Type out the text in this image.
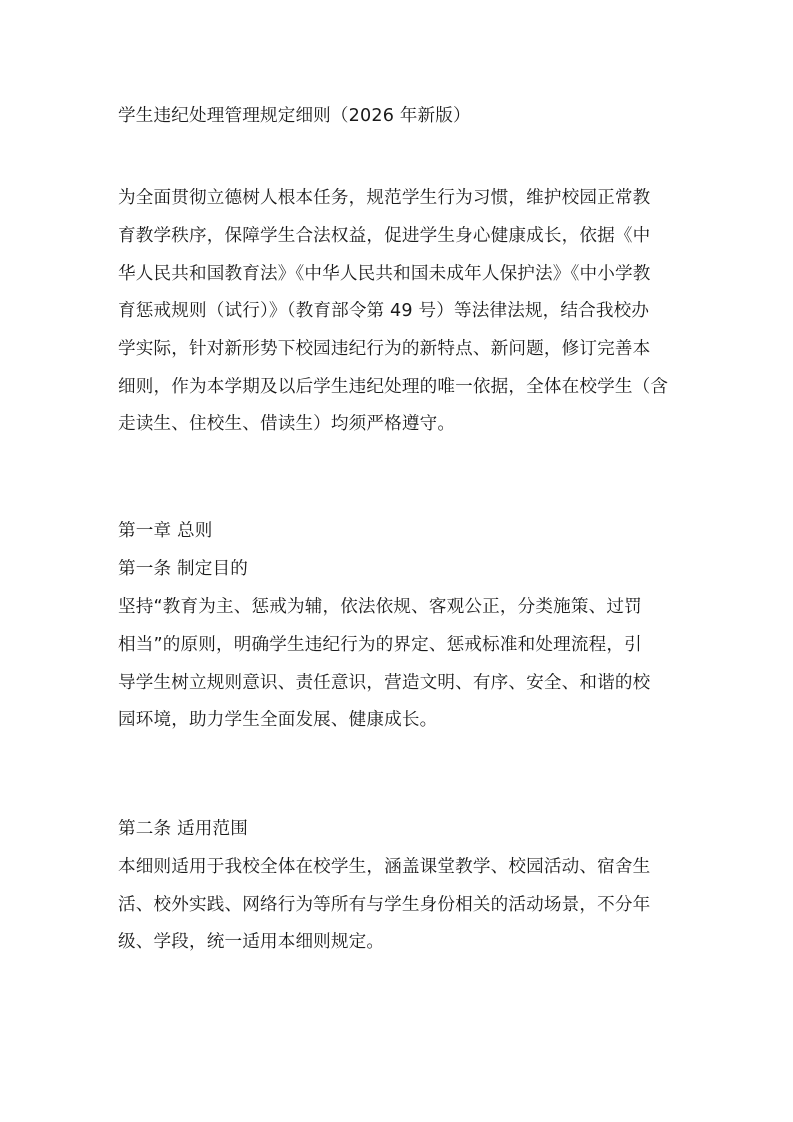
学生违纪处理管理规定细则（2026 年新版）
为全面贯彻立德树人根本任务，规范学生行为习惯，维护校园正常教
育教学秩序，保障学生合法权益，促进学生身心健康成长，依据《中
华人民共和国教育法》《中华人民共和国未成年人保护法》《中小学教
育惩戒规则（试行）》（教育部令第 49 号）等法律法规，结合我校办
学实际，针对新形势下校园违纪行为的新特点、新问题，修订完善本
细则，作为本学期及以后学生违纪处理的唯一依据，全体在校学生（含
走读生、住校生、借读生）均须严格遵守。
第一章 总则
第一条 制定目的
坚持“教育为主、惩戒为辅，依法依规、客观公正，分类施策、过罚
相当”的原则，明确学生违纪行为的界定、惩戒标准和处理流程，引
导学生树立规则意识、责任意识，营造文明、有序、安全、和谐的校
园环境，助力学生全面发展、健康成长。
第二条 适用范围
本细则适用于我校全体在校学生，涵盖课堂教学、校园活动、宿舍生
活、校外实践、网络行为等所有与学生身份相关的活动场景，不分年
级、学段，统一适用本细则规定。
